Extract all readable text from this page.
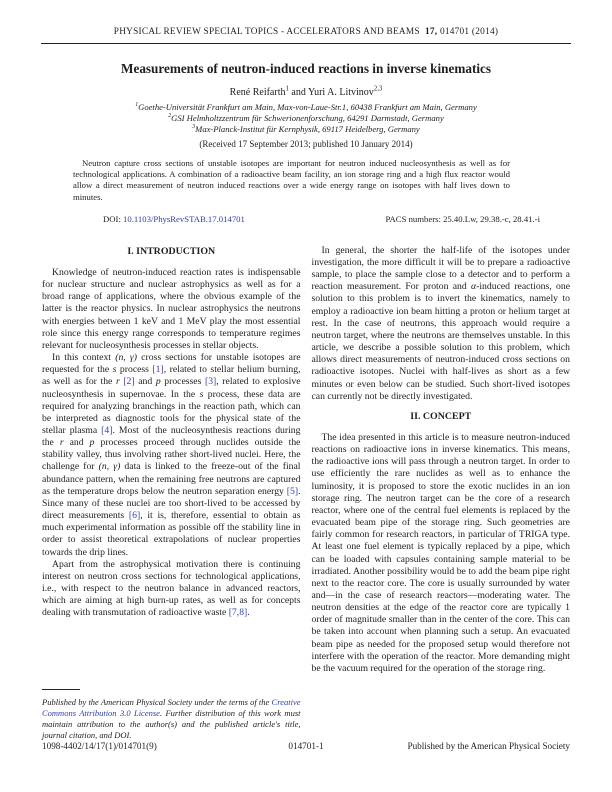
PHYSICAL REVIEW SPECIAL TOPICS - ACCELERATORS AND BEAMS 17, 014701 (2014)
Measurements of neutron-induced reactions in inverse kinematics
René Reifarth$^1$ and Yuri A. Litvinov$^{2,3}$
$^1$Goethe-Universität Frankfurt am Main, Max-von-Laue-Str.1, 60438 Frankfurt am Main, Germany
$^2$GSI Helmholtzzentrum für Schwerionenforschung, 64291 Darmstadt, Germany
$^3$Max-Planck-Institut für Kernphysik, 69117 Heidelberg, Germany
(Received 17 September 2013; published 10 January 2014)
Neutron capture cross sections of unstable isotopes are important for neutron induced nucleosynthesis as well as for technological applications. A combination of a radioactive beam facility, an ion storage ring and a high flux reactor would allow a direct measurement of neutron induced reactions over a wide energy range on isotopes with half lives down to minutes.
DOI: 10.1103/PhysRevSTAB.17.014701	PACS numbers: 25.40.Lw, 29.38.-c, 28.41.-i
I. INTRODUCTION
Knowledge of neutron-induced reaction rates is indispensable for nuclear structure and nuclear astrophysics as well as for a broad range of applications, where the obvious example of the latter is the reactor physics. In nuclear astrophysics the neutrons with energies between 1 keV and 1 MeV play the most essential role since this energy range corresponds to temperature regimes relevant for nucleosynthesis processes in stellar objects.
In this context (n, γ) cross sections for unstable isotopes are requested for the s process [1], related to stellar helium burning, as well as for the r [2] and p processes [3], related to explosive nucleosynthesis in supernovae. In the s process, these data are required for analyzing branchings in the reaction path, which can be interpreted as diagnostic tools for the physical state of the stellar plasma [4]. Most of the nucleosynthesis reactions during the r and p processes proceed through nuclides outside the stability valley, thus involving rather short-lived nuclei. Here, the challenge for (n, γ) data is linked to the freeze-out of the final abundance pattern, when the remaining free neutrons are captured as the temperature drops below the neutron separation energy [5]. Since many of these nuclei are too short-lived to be accessed by direct measurements [6], it is, therefore, essential to obtain as much experimental information as possible off the stability line in order to assist theoretical extrapolations of nuclear properties towards the drip lines.
Apart from the astrophysical motivation there is continuing interest on neutron cross sections for technological applications, i.e., with respect to the neutron balance in advanced reactors, which are aiming at high burn-up rates, as well as for concepts dealing with transmutation of radioactive waste [7,8].
Published by the American Physical Society under the terms of the Creative Commons Attribution 3.0 License. Further distribution of this work must maintain attribution to the author(s) and the published article's title, journal citation, and DOI.
In general, the shorter the half-life of the isotopes under investigation, the more difficult it will be to prepare a radioactive sample, to place the sample close to a detector and to perform a reaction measurement. For proton and α-induced reactions, one solution to this problem is to invert the kinematics, namely to employ a radioactive ion beam hitting a proton or helium target at rest. In the case of neutrons, this approach would require a neutron target, where the neutrons are themselves unstable. In this article, we describe a possible solution to this problem, which allows direct measurements of neutron-induced cross sections on radioactive isotopes. Nuclei with half-lives as short as a few minutes or even below can be studied. Such short-lived isotopes can currently not be directly investigated.
II. CONCEPT
The idea presented in this article is to measure neutron-induced reactions on radioactive ions in inverse kinematics. This means, the radioactive ions will pass through a neutron target. In order to use efficiently the rare nuclides as well as to enhance the luminosity, it is proposed to store the exotic nuclides in an ion storage ring. The neutron target can be the core of a research reactor, where one of the central fuel elements is replaced by the evacuated beam pipe of the storage ring. Such geometries are fairly common for research reactors, in particular of TRIGA type. At least one fuel element is typically replaced by a pipe, which can be loaded with capsules containing sample material to be irradiated. Another possibility would be to add the beam pipe right next to the reactor core. The core is usually surrounded by water and—in the case of research reactors—moderating water. The neutron densities at the edge of the reactor core are typically 1 order of magnitude smaller than in the center of the core. This can be taken into account when planning such a setup. An evacuated beam pipe as needed for the proposed setup would therefore not interfere with the operation of the reactor. More demanding might be the vacuum required for the operation of the storage ring.
1098-4402/14/17(1)/014701(9)	014701-1	Published by the American Physical Society
